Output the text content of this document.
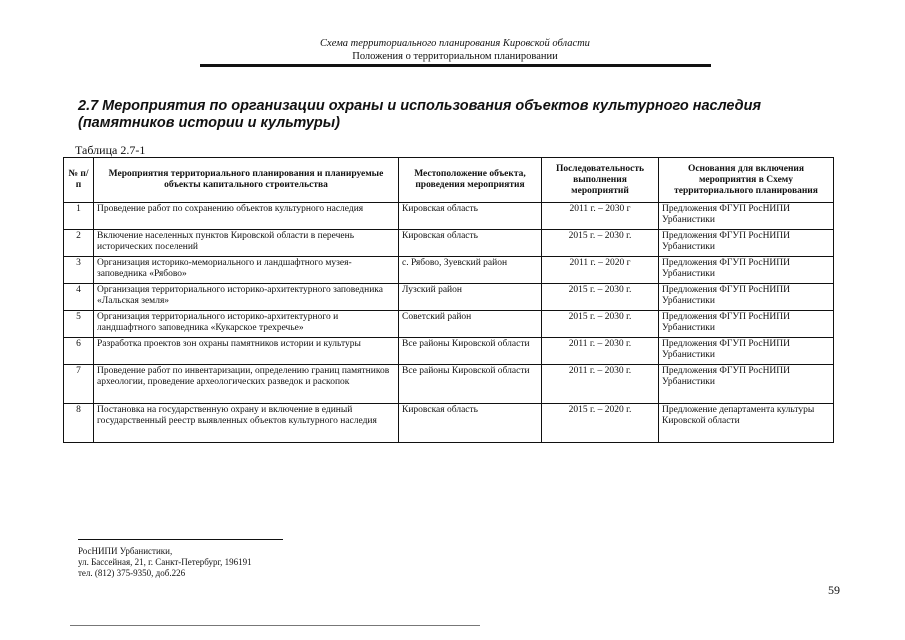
Схема территориального планирования Кировской области
Положения о территориальном планировании
2.7 Мероприятия по организации охраны и использования объектов культурного наследия (памятников истории и культуры)
Таблица 2.7-1
№ п/п	Мероприятия территориального планирования и планируемые объекты капитального строительства	Местоположение объекта, проведения мероприятия	Последовательность выполнения мероприятий	Основания для включения мероприятия в Схему территориального планирования
1	Проведение работ по сохранению объектов культурного наследия	Кировская область	2011 г. – 2030 г	Предложения ФГУП РосНИПИ Урбанистики
2	Включение населенных пунктов Кировской области в перечень исторических поселений	Кировская область	2015 г. – 2030 г.	Предложения ФГУП РосНИПИ Урбанистики
3	Организация историко-мемориального и ландшафтного музея-заповедника «Рябово»	с. Рябово, Зуевский район	2011 г. – 2020 г	Предложения ФГУП РосНИПИ Урбанистики
4	Организация территориального историко-архитектурного заповедника «Лальская земля»	Лузский район	2015 г. – 2030 г.	Предложения ФГУП РосНИПИ Урбанистики
5	Организация территориального историко-архитектурного и ландшафтного заповедника «Кукарское трехречье»	Советский район	2015 г. – 2030 г.	Предложения ФГУП РосНИПИ Урбанистики
6	Разработка проектов зон охраны памятников истории и культуры	Все районы Кировской области	2011 г. – 2030 г.	Предложения ФГУП РосНИПИ Урбанистики
7	Проведение работ по инвентаризации, определению границ памятников археологии, проведение археологических разведок и раскопок	Все районы Кировской области	2011 г. – 2030 г.	Предложения ФГУП РосНИПИ Урбанистики
8	Постановка на государственную охрану и включение в единый государственный реестр выявленных объектов культурного наследия	Кировская область	2015 г. – 2020 г.	Предложение департамента культуры Кировской области
РосНИПИ Урбанистики,
ул. Бассейная, 21, г. Санкт-Петербург, 196191
тел. (812) 375-9350, доб.226
59
